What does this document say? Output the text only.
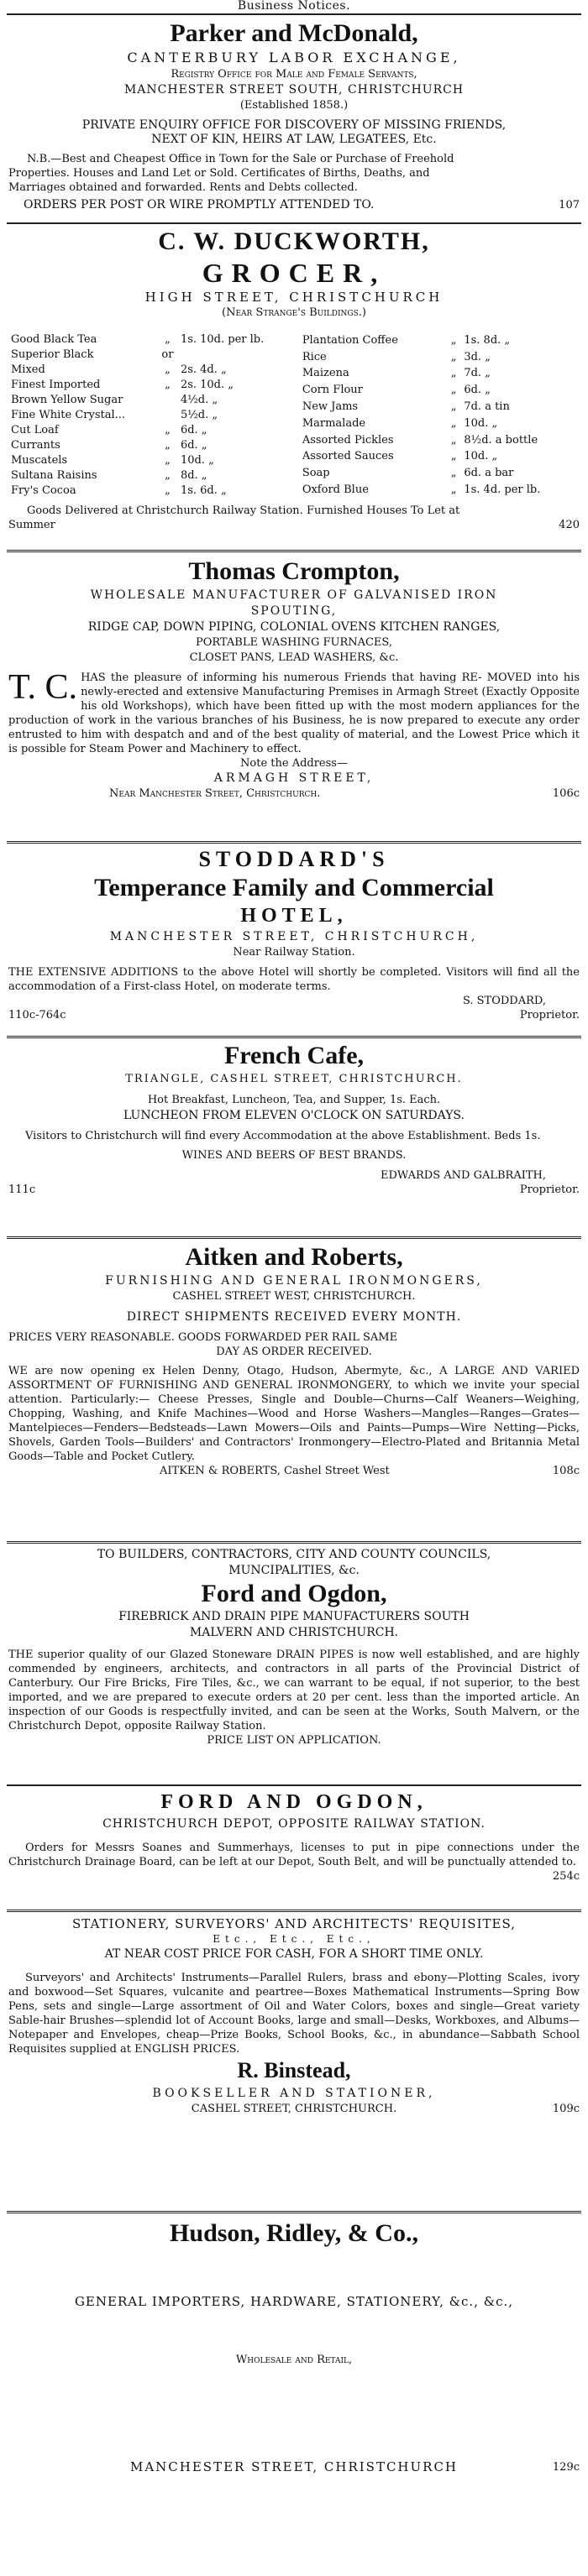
Business Notices.
Parker and McDonald,
CANTERBURY LABOR EXCHANGE,
Registry Office for Male and Female Servants,
MANCHESTER STREET SOUTH, CHRISTCHURCH
(Established 1858.)
PRIVATE ENQUIRY OFFICE FOR DISCOVERY OF MISSING FRIENDS,
NEXT OF KIN, HEIRS AT LAW, LEGATEES, Etc.
N.B.—Best and Cheapest Office in Town for the Sale or Purchase of Freehold
Properties. Houses and Land Let or Sold. Certificates of Births, Deaths, and
Marriages obtained and forwarded. Rents and Debts collected.
ORDERS PER POST OR WIRE PROMPTLY ATTENDED TO.	107
C. W. DUCKWORTH,
GROCER,
HIGH STREET, CHRISTCHURCH
(Near Strange's Buildings.)
Good Black Tea	„	1s. 10d. per lb.
Superior Black	or	
Mixed	„	2s. 4d. „
Finest Imported	„	2s. 10d. „
Brown Yellow Sugar		4½d. „
Fine White Crystal...		5½d. „
Cut Loaf	„	6d. „
Currants	„	6d. „
Muscatels	„	10d. „
Sultana Raisins	„	8d. „
Fry's Cocoa	„	1s. 6d. „
Plantation Coffee	„	1s. 8d. „
Rice	„	3d. „
Maizena	„	7d. „
Corn Flour	„	6d. „
New Jams	„	7d. a tin
Marmalade	„	10d. „
Assorted Pickles	„	8½d. a bottle
Assorted Sauces	„	10d. „
Soap	„	6d. a bar
Oxford Blue	„	1s. 4d. per lb.

Goods Delivered at Christchurch Railway Station. Furnished Houses To Let at
Summer	420
Thomas Crompton,
WHOLESALE MANUFACTURER OF GALVANISED IRON
SPOUTING,
RIDGE CAP, DOWN PIPING, COLONIAL OVENS KITCHEN RANGES,
PORTABLE WASHING FURNACES,
CLOSET PANS, LEAD WASHERS, &c.
T. C. HAS the pleasure of informing his numerous Friends that having RE- MOVED into his newly-erected and extensive Manufacturing Premises in Armagh Street (Exactly Opposite his old Workshops), which have been fitted up with the most modern appliances for the production of work in the various branches of his Business, he is now prepared to execute any order entrusted to him with despatch and and of the best quality of material, and the Lowest Price which it is possible for Steam Power and Machinery to effect.
Note the Address—
ARMAGH STREET,
Near Manchester Street, Christchurch.	106c
STODDARD'S
Temperance Family and Commercial
HOTEL,
MANCHESTER STREET, CHRISTCHURCH,
Near Railway Station.
THE EXTENSIVE ADDITIONS to the above Hotel will shortly be completed. Visitors will find all the accommodation of a First-class Hotel, on moderate terms.
S. STODDARD,
110c-764c	Proprietor.
French Cafe,
TRIANGLE, CASHEL STREET, CHRISTCHURCH.
Hot Breakfast, Luncheon, Tea, and Supper, 1s. Each.
LUNCHEON FROM ELEVEN O'CLOCK ON SATURDAYS.
Visitors to Christchurch will find every Accommodation at the above Establishment. Beds 1s.
WINES AND BEERS OF BEST BRANDS.
EDWARDS AND GALBRAITH,
111c	Proprietor.
Aitken and Roberts,
FURNISHING AND GENERAL IRONMONGERS,
CASHEL STREET WEST, CHRISTCHURCH.
DIRECT SHIPMENTS RECEIVED EVERY MONTH.
PRICES VERY REASONABLE. GOODS FORWARDED PER RAIL SAME
DAY AS ORDER RECEIVED.
WE are now opening ex Helen Denny, Otago, Hudson, Abermyte, &c., A LARGE AND VARIED ASSORTMENT OF FURNISHING AND GENERAL IRONMONGERY, to which we invite your special attention. Particularly:— Cheese Presses, Single and Double—Churns—Calf Weaners—Weighing, Chopping, Washing, and Knife Machines—Wood and Horse Washers—Mangles—Ranges—Grates—Mantelpieces—Fenders—Bedsteads—Lawn Mowers—Oils and Paints—Pumps—Wire Netting—Picks, Shovels, Garden Tools—Builders' and Contractors' Ironmongery—Electro-Plated and Britannia Metal Goods—Table and Pocket Cutlery.
AITKEN & ROBERTS, Cashel Street West	108c
TO BUILDERS, CONTRACTORS, CITY AND COUNTY COUNCILS,
MUNCIPALITIES, &c.
Ford and Ogdon,
FIREBRICK AND DRAIN PIPE MANUFACTURERS SOUTH
MALVERN AND CHRISTCHURCH.
THE superior quality of our Glazed Stoneware DRAIN PIPES is now well established, and are highly commended by engineers, architects, and contractors in all parts of the Provincial District of Canterbury. Our Fire Bricks, Fire Tiles, &c., we can warrant to be equal, if not superior, to the best imported, and we are prepared to execute orders at 20 per cent. less than the imported article. An inspection of our Goods is respectfully invited, and can be seen at the Works, South Malvern, or the Christchurch Depot, opposite Railway Station.
PRICE LIST ON APPLICATION.
FORD AND OGDON,
CHRISTCHURCH DEPOT, OPPOSITE RAILWAY STATION.
Orders for Messrs Soanes and Summerhays, licenses to put in pipe connections under the Christchurch Drainage Board, can be left at our Depot, South Belt, and will be punctually attended to.
254c
STATIONERY, SURVEYORS' AND ARCHITECTS' REQUISITES,
Etc., Etc., Etc.,
AT NEAR COST PRICE FOR CASH, FOR A SHORT TIME ONLY.
Surveyors' and Architects' Instruments—Parallel Rulers, brass and ebony—Plotting Scales, ivory and boxwood—Set Squares, vulcanite and peartree—Boxes Mathematical Instruments—Spring Bow Pens, sets and single—Large assortment of Oil and Water Colors, boxes and single—Great variety Sable-hair Brushes—splendid lot of Account Books, large and small—Desks, Workboxes, and Albums—Notepaper and Envelopes, cheap—Prize Books, School Books, &c., in abundance—Sabbath School Requisites supplied at ENGLISH PRICES.
R. Binstead,
BOOKSELLER AND STATIONER,
CASHEL STREET, CHRISTCHURCH.	109c
Hudson, Ridley, & Co.,
GENERAL IMPORTERS, HARDWARE, STATIONERY, &c., &c.,
Wholesale and Retail,
MANCHESTER STREET, CHRISTCHURCH	129c
